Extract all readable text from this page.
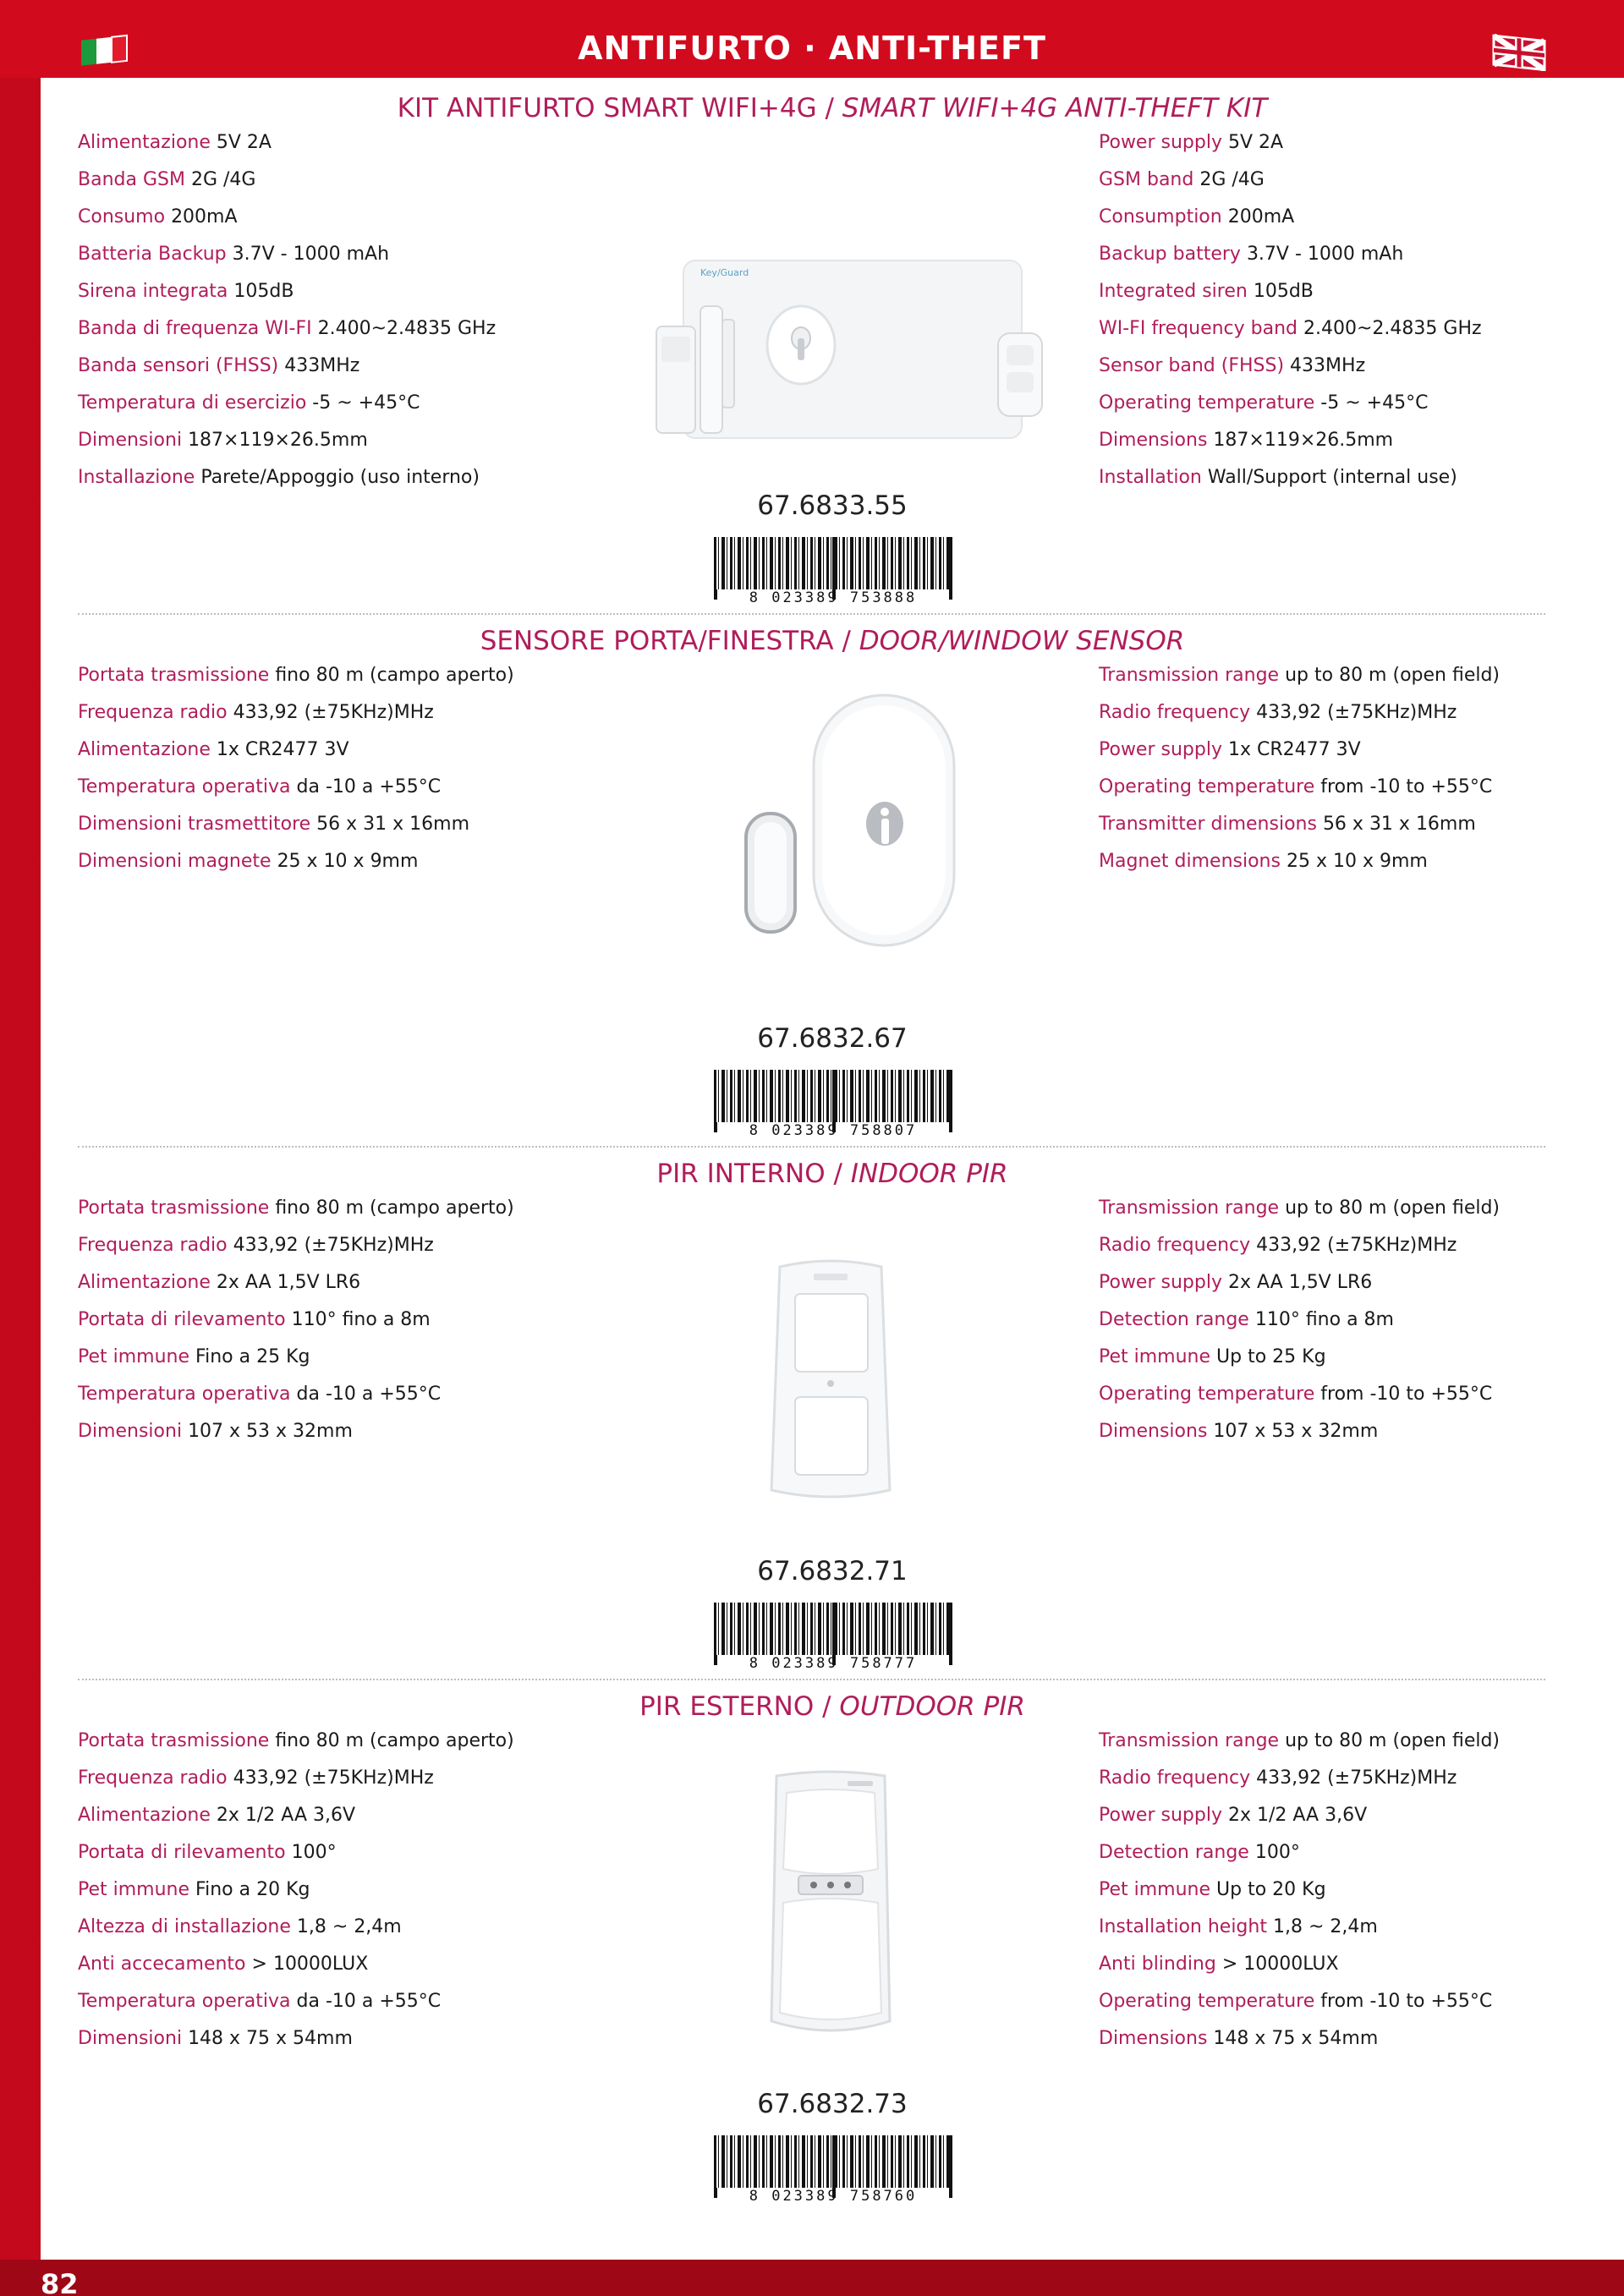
ANTIFURTO · ANTI-THEFT
KIT ANTIFURTO SMART WIFI+4G / SMART WIFI+4G ANTI-THEFT KIT
Alimentazione 5V 2A
Banda GSM 2G /4G
Consumo 200mA
Batteria Backup 3.7V - 1000 mAh
Sirena integrata 105dB
Banda di frequenza WI-FI 2.400~2.4835 GHz
Banda sensori (FHSS) 433MHz
Temperatura di esercizio -5 ~ +45°C
Dimensioni 187×119×26.5mm
Installazione Parete/Appoggio (uso interno)
Power supply 5V 2A
GSM band 2G /4G
Consumption 200mA
Backup battery 3.7V - 1000 mAh
Integrated siren 105dB
WI-FI frequency band 2.400~2.4835 GHz
Sensor band (FHSS) 433MHz
Operating temperature -5 ~ +45°C
Dimensions 187×119×26.5mm
Installation Wall/Support (internal use)
Key/Guard
67.6833.55
8 023389 753888
SENSORE PORTA/FINESTRA / DOOR/WINDOW SENSOR
Portata trasmissione fino 80 m (campo aperto)
Frequenza radio 433,92 (±75KHz)MHz
Alimentazione 1x CR2477 3V
Temperatura operativa da -10 a +55°C
Dimensioni trasmettitore 56 x 31 x 16mm
Dimensioni magnete 25 x 10 x 9mm
Transmission range up to 80 m (open field)
Radio frequency 433,92 (±75KHz)MHz
Power supply 1x CR2477 3V
Operating temperature from -10 to +55°C
Transmitter dimensions 56 x 31 x 16mm
Magnet dimensions 25 x 10 x 9mm
67.6832.67
8 023389 758807
PIR INTERNO / INDOOR PIR
Portata trasmissione fino 80 m (campo aperto)
Frequenza radio 433,92 (±75KHz)MHz
Alimentazione 2x AA 1,5V LR6
Portata di rilevamento 110° fino a 8m
Pet immune Fino a 25 Kg
Temperatura operativa da -10 a +55°C
Dimensioni 107 x 53 x 32mm
Transmission range up to 80 m (open field)
Radio frequency 433,92 (±75KHz)MHz
Power supply 2x AA 1,5V LR6
Detection range 110° fino a 8m
Pet immune Up to 25 Kg
Operating temperature from -10 to +55°C
Dimensions 107 x 53 x 32mm
67.6832.71
8 023389 758777
PIR ESTERNO / OUTDOOR PIR
Portata trasmissione fino 80 m (campo aperto)
Frequenza radio 433,92 (±75KHz)MHz
Alimentazione 2x 1/2 AA 3,6V
Portata di rilevamento 100°
Pet immune Fino a 20 Kg
Altezza di installazione 1,8 ~ 2,4m
Anti accecamento > 10000LUX
Temperatura operativa da -10 a +55°C
Dimensioni 148 x 75 x 54mm
Transmission range up to 80 m (open field)
Radio frequency 433,92 (±75KHz)MHz
Power supply 2x 1/2 AA 3,6V
Detection range 100°
Pet immune Up to 20 Kg
Installation height 1,8 ~ 2,4m
Anti blinding > 10000LUX
Operating temperature from -10 to +55°C
Dimensions 148 x 75 x 54mm
67.6832.73
8 023389 758760
82
